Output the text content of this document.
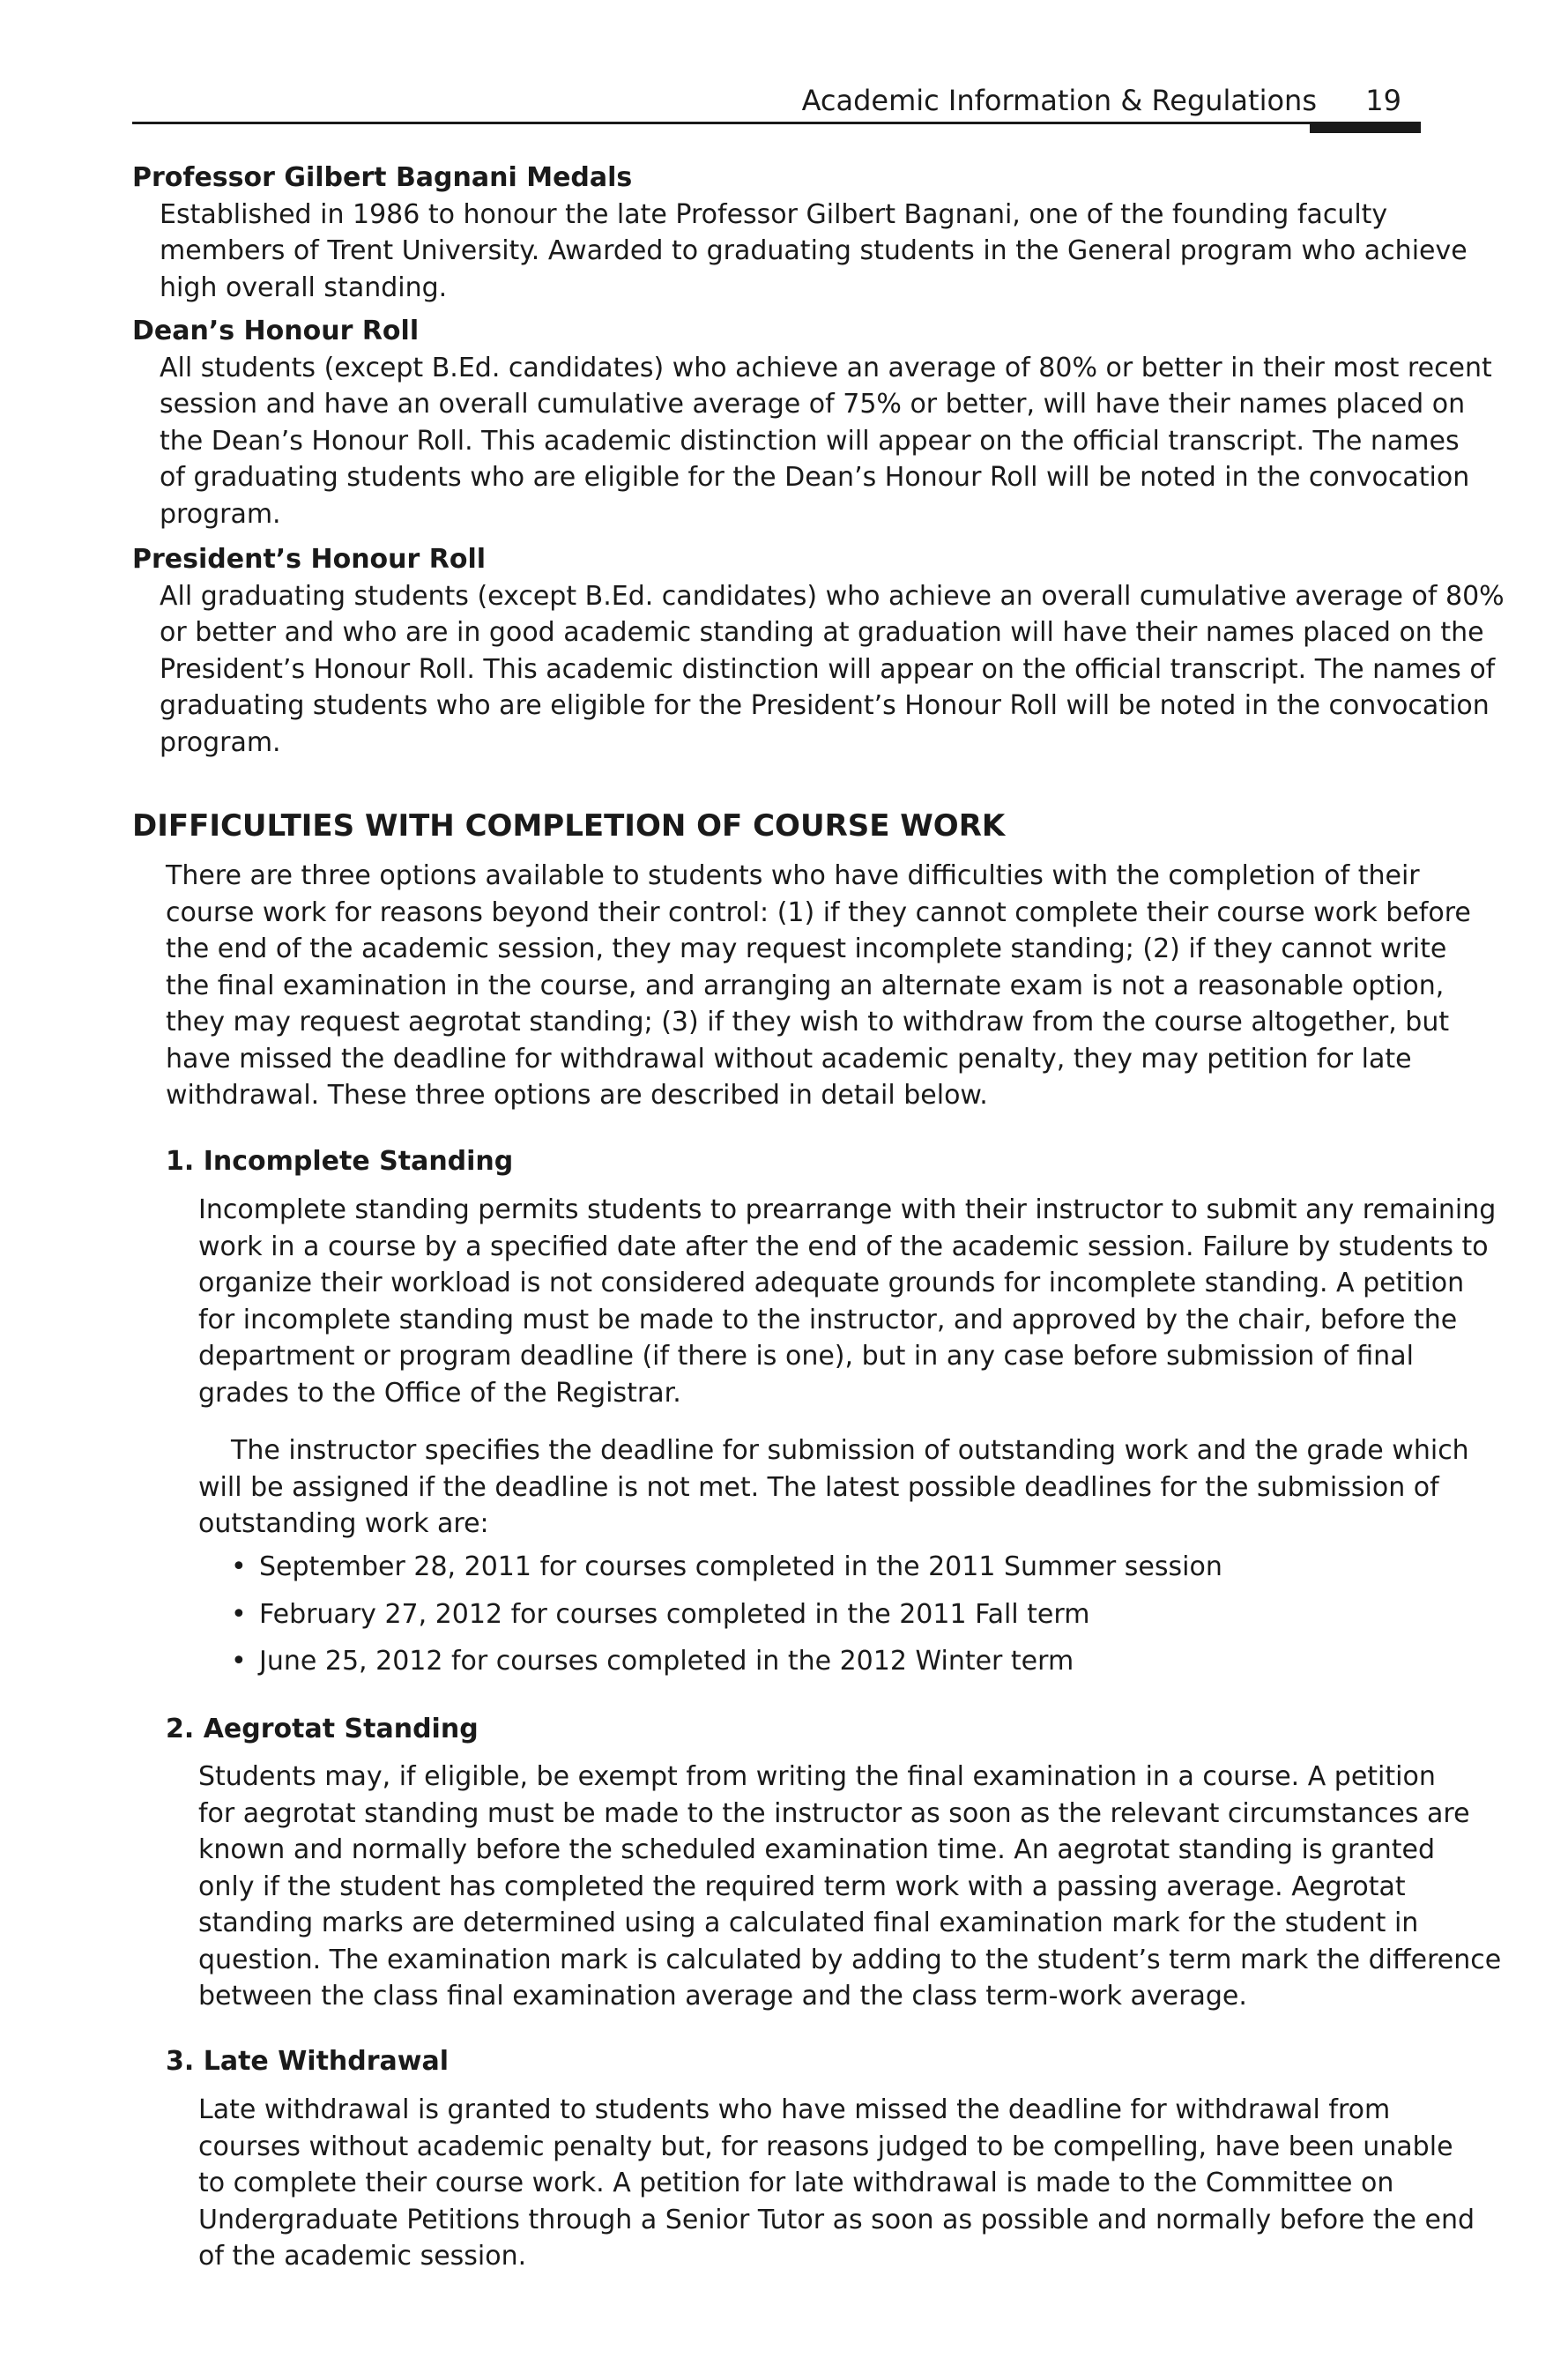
Academic Information & Regulations 19

Professor Gilbert Bagnani Medals

Established in 1986 to honour the late Professor Gilbert Bagnani, one of the founding faculty

members of Trent University. Awarded to graduating students in the General program who achieve

high overall standing.

Dean’s Honour Roll

All students (except B.Ed. candidates) who achieve an average of 80% or better in their most recent

session and have an overall cumulative average of 75% or better, will have their names placed on

the Dean’s Honour Roll. This academic distinction will appear on the official transcript. The names

of graduating students who are eligible for the Dean’s Honour Roll will be noted in the convocation

program.

President’s Honour Roll

All graduating students (except B.Ed. candidates) who achieve an overall cumulative average of 80%

or better and who are in good academic standing at graduation will have their names placed on the

President’s Honour Roll. This academic distinction will appear on the official transcript. The names of

graduating students who are eligible for the President’s Honour Roll will be noted in the convocation

program.

DIFFICULTIES WITH COMPLETION OF COURSE WORK

There are three options available to students who have difficulties with the completion of their

course work for reasons beyond their control: (1) if they cannot complete their course work before

the end of the academic session, they may request incomplete standing; (2) if they cannot write

the final examination in the course, and arranging an alternate exam is not a reasonable option,

they may request aegrotat standing; (3) if they wish to withdraw from the course altogether, but

have missed the deadline for withdrawal without academic penalty, they may petition for late

withdrawal. These three options are described in detail below.

1. Incomplete Standing

Incomplete standing permits students to prearrange with their instructor to submit any remaining

work in a course by a specified date after the end of the academic session. Failure by students to

organize their workload is not considered adequate grounds for incomplete standing. A petition

for incomplete standing must be made to the instructor, and approved by the chair, before the

department or program deadline (if there is one), but in any case before submission of final

grades to the Office of the Registrar.

The instructor specifies the deadline for submission of outstanding work and the grade which

will be assigned if the deadline is not met. The latest possible deadlines for the submission of

outstanding work are:

• September 28, 2011 for courses completed in the 2011 Summer session
• February 27, 2012 for courses completed in the 2011 Fall term
• June 25, 2012 for courses completed in the 2012 Winter term

2. Aegrotat Standing

Students may, if eligible, be exempt from writing the final examination in a course. A petition

for aegrotat standing must be made to the instructor as soon as the relevant circumstances are

known and normally before the scheduled examination time. An aegrotat standing is granted

only if the student has completed the required term work with a passing average. Aegrotat

standing marks are determined using a calculated final examination mark for the student in

question. The examination mark is calculated by adding to the student’s term mark the difference

between the class final examination average and the class term-work average.

3. Late Withdrawal

Late withdrawal is granted to students who have missed the deadline for withdrawal from

courses without academic penalty but, for reasons judged to be compelling, have been unable

to complete their course work. A petition for late withdrawal is made to the Committee on

Undergraduate Petitions through a Senior Tutor as soon as possible and normally before the end

of the academic session.
